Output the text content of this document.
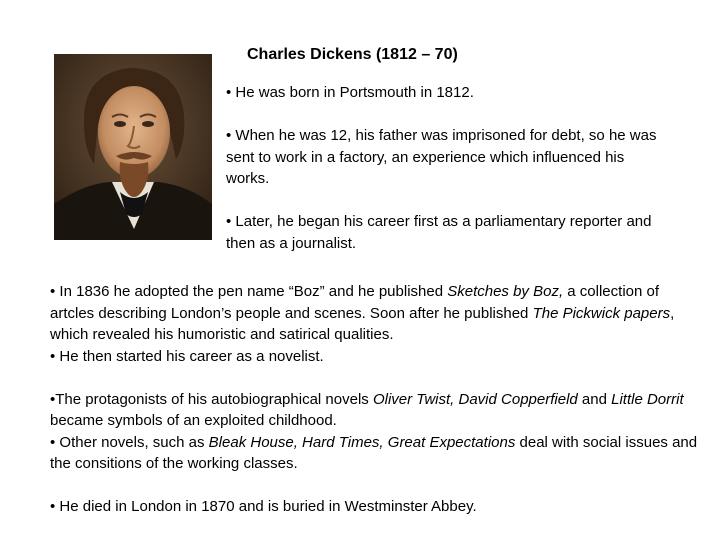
Charles Dickens (1812 – 70)

• He was born in Portsmouth in 1812.

• When he was 12, his father was imprisoned for debt, so he was sent to work in a factory, an experience which influenced his works.

• Later, he began his career first as a parliamentary reporter and then as a journalist.

• In 1836 he adopted the pen name “Boz” and he published Sketches by Boz, a collection of artcles describing London’s people and scenes. Soon after he published The Pickwick papers, which revealed his humoristic and satirical qualities.

• He then started his career as a novelist.

•The protagonists of his autobiographical novels Oliver Twist, David Copperfield and Little Dorrit became symbols of an exploited childhood.

• Other novels, such as Bleak House, Hard Times, Great Expectations deal with social issues and the consitions of the working classes.

• He died in London in 1870 and is buried in Westminster Abbey.
